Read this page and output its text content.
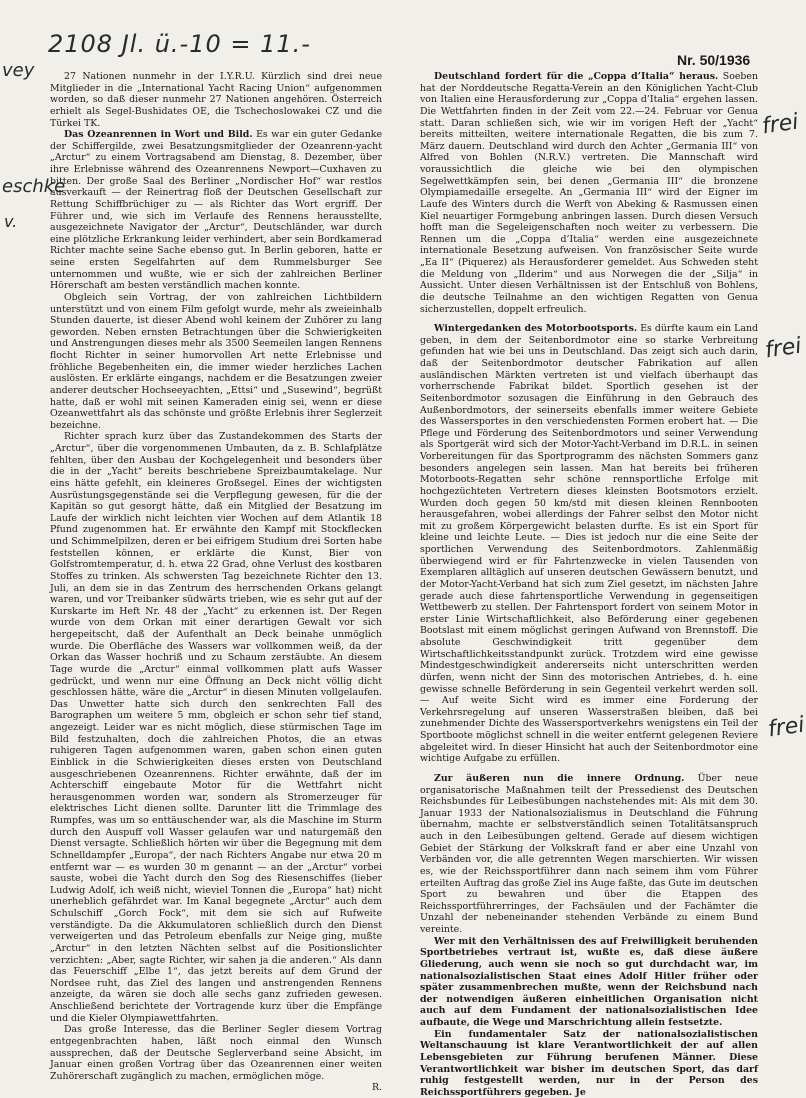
2108 Jl. ü.-10 = 11.-
vey
eschke
v.
frei
frei
frei
Nr. 50/1936

27 Nationen nunmehr in der I.Y.R.U. Kürzlich sind drei neue Mitglieder in die „International Yacht Racing Union“ aufgenommen worden, so daß dieser nunmehr 27 Nationen angehören. Österreich erhielt als Segel-Bushidates OE, die Tschechoslowakei CZ und die Türkei TK.

Das Ozeanrennen in Wort und Bild. Es war ein guter Gedanke der Schiffergilde, zwei Besatzungsmitglieder der Ozeanrenn-yacht „Arctur“ zu einem Vortragsabend am Dienstag, 8. Dezember, über ihre Erlebnisse während des Ozeanrennens Newport—Cuxhaven zu bitten. Der große Saal des Berliner „Nordischer Hof“ war restlos ausverkauft — der Reinertrag floß der Deutschen Gesellschaft zur Rettung Schiffbrüchiger zu — als Richter das Wort ergriff. Der Führer und, wie sich im Verlaufe des Rennens herausstellte, ausgezeichnete Navigator der „Arctur“, Deutschländer, war durch eine plötzliche Erkrankung leider verhindert, aber sein Bordkamerad Richter machte seine Sache ebenso gut. In Berlin geboren, hatte er seine ersten Segelfahrten auf dem Rummelsburger See unternommen und wußte, wie er sich der zahlreichen Berliner Hörerschaft am besten verständlich machen konnte.

Obgleich sein Vortrag, der von zahlreichen Lichtbildern unterstützt und von einem Film gefolgt wurde, mehr als zweieinhalb Stunden dauerte, ist dieser Abend wohl keinem der Zuhörer zu lang geworden. Neben ernsten Betrachtungen über die Schwierigkeiten und Anstrengungen dieses mehr als 3500 Seemeilen langen Rennens flocht Richter in seiner humorvollen Art nette Erlebnisse und fröhliche Begebenheiten ein, die immer wieder herzliches Lachen auslösten. Er erklärte eingangs, nachdem er die Besatzungen zweier anderer deutscher Hochseeyachten, „Ettsi“ und „Susewind“, begrüßt hatte, daß er wohl mit seinen Kameraden einig sei, wenn er diese Ozeanwettfahrt als das schönste und größte Erlebnis ihrer Seglerzeit bezeichne.

Richter sprach kurz über das Zustandekommen des Starts der „Arctur“, über die vorgenommenen Umbauten, da z. B. Schlafplätze fehlten, über den Ausbau der Kochgelegenheit und besonders über die in der „Yacht“ bereits beschriebene Spreizbaumtakelage. Nur eins hätte gefehlt, ein kleineres Großsegel. Eines der wichtigsten Ausrüstungsgegenstände sei die Verpflegung gewesen, für die der Kapitän so gut gesorgt hätte, daß ein Mitglied der Besatzung im Laufe der wirklich nicht leichten vier Wochen auf dem Atlantik 18 Pfund zugenommen hat. Er erwähnte den Kampf mit Stockflecken und Schimmelpilzen, deren er bei eifrigem Studium drei Sorten habe feststellen können, er erklärte die Kunst, Bier von Golfstromtemperatur, d. h. etwa 22 Grad, ohne Verlust des kostbaren Stoffes zu trinken. Als schwersten Tag bezeichnete Richter den 13. Juli, an dem sie in das Zentrum des herrschenden Orkans gelangt waren, und vor Treibanker südwärts trieben, wie es sehr gut auf der Kurskarte im Heft Nr. 48 der „Yacht“ zu erkennen ist. Der Regen wurde von dem Orkan mit einer derartigen Gewalt vor sich hergepeitscht, daß der Aufenthalt an Deck beinahe unmöglich wurde. Die Oberfläche des Wassers war vollkommen weiß, da der Orkan das Wasser hochriß und zu Schaum zerstäubte. An diesem Tage wurde die „Arctur“ einmal vollkommen platt aufs Wasser gedrückt, und wenn nur eine Öffnung an Deck nicht völlig dicht geschlossen hätte, wäre die „Arctur“ in diesen Minuten vollgelaufen. Das Unwetter hatte sich durch den senkrechten Fall des Barographen um weitere 5 mm, obgleich er schon sehr tief stand, angezeigt. Leider war es nicht möglich, diese stürmischen Tage im Bild festzuhalten, doch die zahlreichen Photos, die an etwas ruhigeren Tagen aufgenommen waren, gaben schon einen guten Einblick in die Schwierigkeiten dieses ersten von Deutschland ausgeschriebenen Ozeanrennens. Richter erwähnte, daß der im Achterschiff eingebaute Motor für die Wettfahrt nicht herausgenommen worden war, sondern als Stromerzeuger für elektrisches Licht dienen sollte. Darunter litt die Trimmlage des Rumpfes, was um so enttäuschender war, als die Maschine im Sturm durch den Auspuff voll Wasser gelaufen war und naturgemäß den Dienst versagte. Schließlich hörten wir über die Begegnung mit dem Schnelldampfer „Europa“, der nach Richters Angabe nur etwa 20 m entfernt war — es wurden 30 m genannt — an der „Arctur“ vorbei sauste, wobei die Yacht durch den Sog des Riesenschiffes (lieber Ludwig Adolf, ich weiß nicht, wieviel Tonnen die „Europa“ hat) nicht unerheblich gefährdet war. Im Kanal begegnete „Arctur“ auch dem Schulschiff „Gorch Fock“, mit dem sie sich auf Rufweite verständigte. Da die Akkumulatoren schließlich durch den Dienst verweigerten und das Petroleum ebenfalls zur Neige ging, mußte „Arctur“ in den letzten Nächten selbst auf die Positionslichter verzichten: „Aber, sagte Richter, wir sahen ja die anderen.“ Als dann das Feuerschiff „Elbe 1“, das jetzt bereits auf dem Grund der Nordsee ruht, das Ziel des langen und anstrengenden Rennens anzeigte, da wären sie doch alle sechs ganz zufrieden gewesen. Anschließend berichtete der Vortragende kurz über die Empfänge und die Kieler Olympiawettfahrten.

Das große Interesse, das die Berliner Segler diesem Vortrag entgegenbrachten haben, läßt noch einmal den Wunsch aussprechen, daß der Deutsche Seglerverband seine Absicht, im Januar einen großen Vortrag über das Ozeanrennen einer weiten Zuhörerschaft zugänglich zu machen, ermöglichen möge.

R.

Deutschland fordert für die „Coppa d’Italia“ heraus. Soeben hat der Norddeutsche Regatta-Verein an den Königlichen Yacht-Club von Italien eine Herausforderung zur „Coppa d’Italia“ ergehen lassen. Die Wettfahrten finden in der Zeit vom 22.—24. Februar vor Genua statt. Daran schließen sich, wie wir im vorigen Heft der „Yacht“ bereits mitteilten, weitere internationale Regatten, die bis zum 7. März dauern. Deutschland wird durch den Achter „Germania III“ von Alfred von Bohlen (N.R.V.) vertreten. Die Mannschaft wird voraussichtlich die gleiche wie bei den olympischen Segelwettkämpfen sein, bei denen „Germania III“ die bronzene Olympiamedaille ersegelte. An „Germania III“ wird der Eigner im Laufe des Winters durch die Werft von Abeking & Rasmussen einen Kiel neuartiger Formgebung anbringen lassen. Durch diesen Versuch hofft man die Segeleigenschaften noch weiter zu verbessern. Die Rennen um die „Coppa d’Italia“ werden eine ausgezeichnete internationale Besetzung aufweisen. Von französischer Seite wurde „Ea II“ (Piquerez) als Herausforderer gemeldet. Aus Schweden steht die Meldung von „Ilderim“ und aus Norwegen die der „Silja“ in Aussicht. Unter diesen Verhältnissen ist der Entschluß von Bohlens, die deutsche Teilnahme an den wichtigen Regatten von Genua sicherzustellen, doppelt erfreulich.

Wintergedanken des Motorbootsports. Es dürfte kaum ein Land geben, in dem der Seitenbordmotor eine so starke Verbreitung gefunden hat wie bei uns in Deutschland. Das zeigt sich auch darin, daß der Seitenbordmotor deutscher Fabrikation auf allen ausländischen Märkten vertreten ist und vielfach überhaupt das vorherrschende Fabrikat bildet. Sportlich gesehen ist der Seitenbordmotor sozusagen die Einführung in den Gebrauch des Außenbordmotors, der seinerseits ebenfalls immer weitere Gebiete des Wassersportes in den verschiedensten Formen erobert hat. — Die Pflege und Förderung des Seitenbordmotors und seiner Verwendung als Sportgerät wird sich der Motor-Yacht-Verband im D.R.L. in seinen Vorbereitungen für das Sportprogramm des nächsten Sommers ganz besonders angelegen sein lassen. Man hat bereits bei früheren Motorboots-Regatten sehr schöne rennsportliche Erfolge mit hochgezüchteten Vertretern dieses kleinsten Bootsmotors erzielt. Wurden doch gegen 50 km/std mit diesen kleinen Rennbooten herausgefahren, wobei allerdings der Fahrer selbst den Motor nicht mit zu großem Körpergewicht belasten durfte. Es ist ein Sport für kleine und leichte Leute. — Dies ist jedoch nur die eine Seite der sportlichen Verwendung des Seitenbordmotors. Zahlenmäßig überwiegend wird er für Fahrtenzwecke in vielen Tausenden von Exemplaren alltäglich auf unseren deutschen Gewässern benutzt, und der Motor-Yacht-Verband hat sich zum Ziel gesetzt, im nächsten Jahre gerade auch diese fahrtensportliche Verwendung in gegenseitigen Wettbewerb zu stellen. Der Fahrtensport fordert von seinem Motor in erster Linie Wirtschaftlichkeit, also Beförderung einer gegebenen Bootslast mit einem möglichst geringen Aufwand von Brennstoff. Die absolute Geschwindigkeit tritt gegenüber dem Wirtschaftlichkeitsstandpunkt zurück. Trotzdem wird eine gewisse Mindestgeschwindigkeit andererseits nicht unterschritten werden dürfen, wenn nicht der Sinn des motorischen Antriebes, d. h. eine gewisse schnelle Beförderung in sein Gegenteil verkehrt werden soll. — Auf weite Sicht wird es immer eine Forderung der Verkehrsregelung auf unseren Wasserstraßen bleiben, daß bei zunehmender Dichte des Wassersportverkehrs wenigstens ein Teil der Sportboote möglichst schnell in die weiter entfernt gelegenen Reviere abgeleitet wird. In dieser Hinsicht hat auch der Seitenbordmotor eine wichtige Aufgabe zu erfüllen.

Zur äußeren nun die innere Ordnung. Über neue organisatorische Maßnahmen teilt der Pressedienst des Deutschen Reichsbundes für Leibesübungen nachstehendes mit: Als mit dem 30. Januar 1933 der Nationalsozialismus in Deutschland die Führung übernahm, machte er selbstverständlich seinen Totalitätsanspruch auch in den Leibesübungen geltend. Gerade auf diesem wichtigen Gebiet der Stärkung der Volkskraft fand er aber eine Unzahl von Verbänden vor, die alle getrennten Wegen marschierten. Wir wissen es, wie der Reichssportführer dann nach seinem ihm vom Führer erteilten Auftrag das große Ziel ins Auge faßte, das Gute im deutschen Sport zu bewahren und über die Etappen des Reichssportführerringes, der Fachsäulen und der Fachämter die Unzahl der nebeneinander stehenden Verbände zu einem Bund vereinte.

Wer mit den Verhältnissen des auf Freiwilligkeit beruhenden Sportbetriebes vertraut ist, wußte es, daß diese äußere Gliederung, auch wenn sie noch so gut durchdacht war, im nationalsozialistischen Staat eines Adolf Hitler früher oder später zusammenbrechen mußte, wenn der Reichsbund nach der notwendigen äußeren einheitlichen Organisation nicht auch auf dem Fundament der nationalsozialistischen Idee aufbaute, die Wege und Marschrichtung allein festsetzte.

Ein fundamentaler Satz der nationalsozialistischen Weltanschauung ist klare Verantwortlichkeit der auf allen Lebensgebieten zur Führung berufenen Männer. Diese Verantwortlichkeit war bisher im deutschen Sport, das darf ruhig festgestellt werden, nur in der Person des Reichssportführers gegeben. Je
